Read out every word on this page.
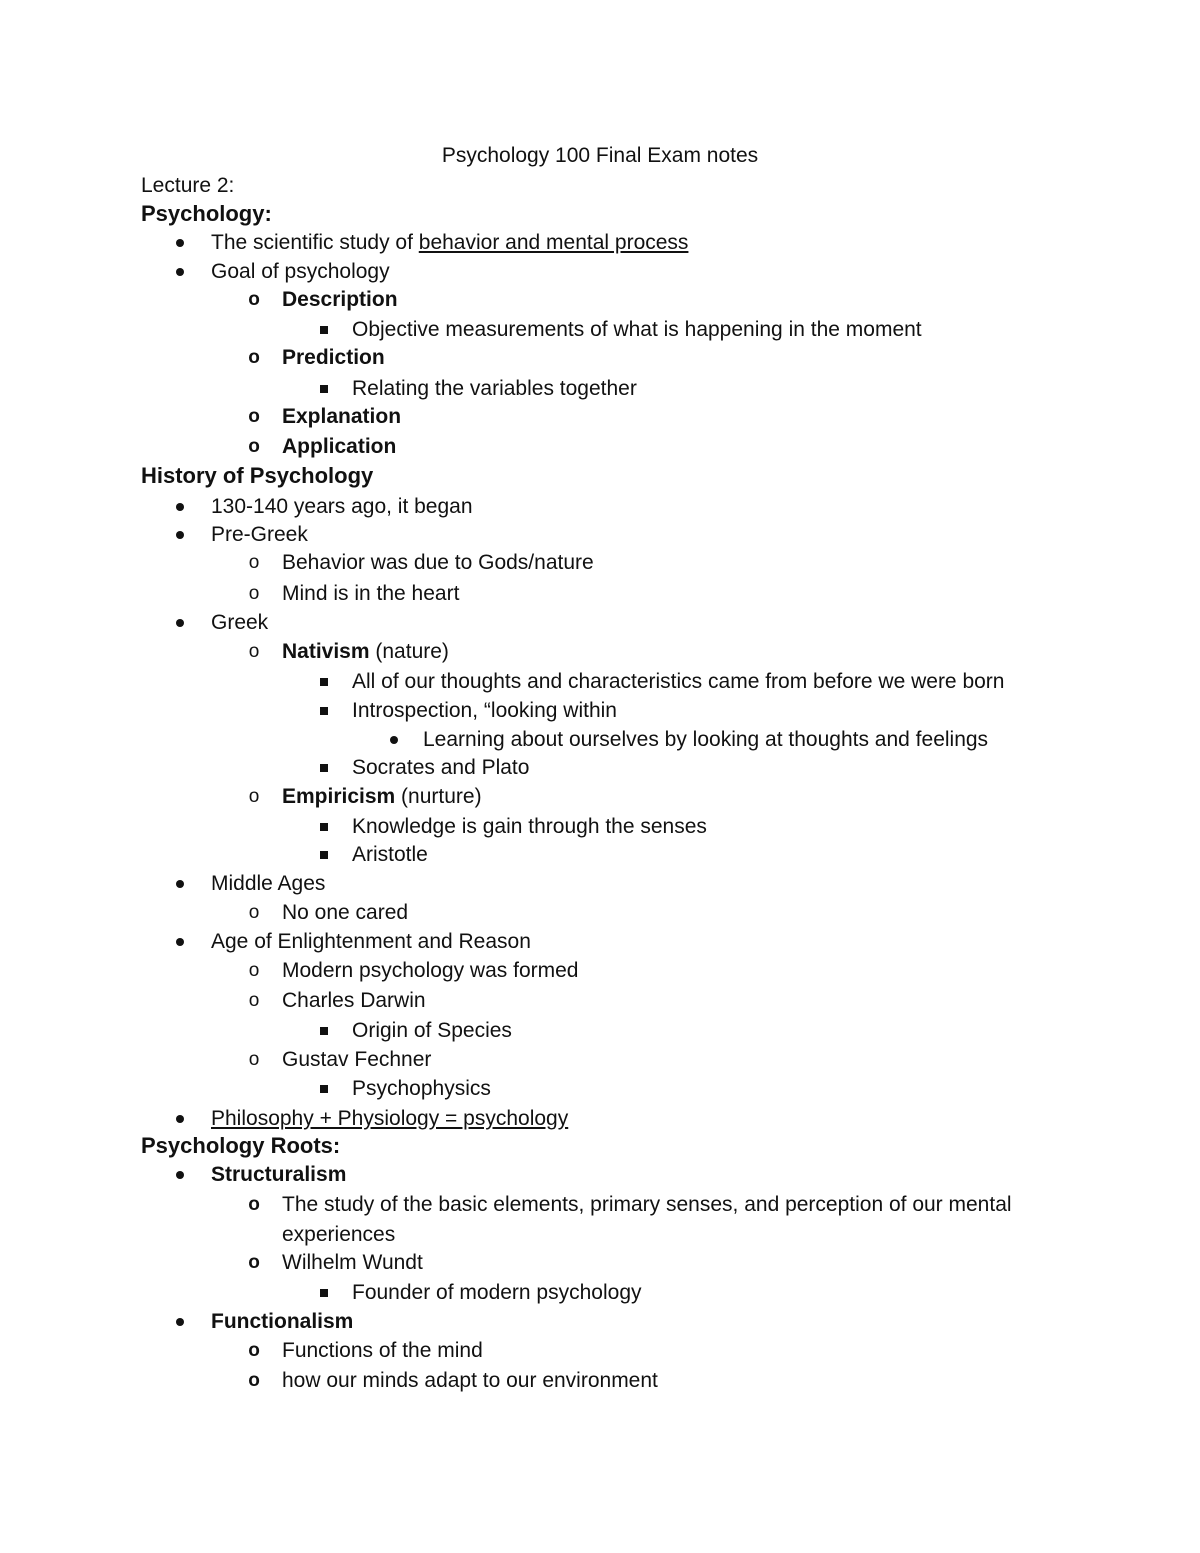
Psychology 100 Final Exam notes
Lecture 2:
Psychology:
The scientific study of behavior and mental process
Goal of psychology
o Description
Objective measurements of what is happening in the moment
o Prediction
Relating the variables together
o Explanation
o Application
History of Psychology
130-140 years ago, it began
Pre-Greek
o Behavior was due to Gods/nature
o Mind is in the heart
Greek
o Nativism (nature)
All of our thoughts and characteristics came from before we were born
Introspection, “looking within
Learning about ourselves by looking at thoughts and feelings
Socrates and Plato
o Empiricism (nurture)
Knowledge is gain through the senses
Aristotle
Middle Ages
o No one cared
Age of Enlightenment and Reason
o Modern psychology was formed
o Charles Darwin
Origin of Species
o Gustav Fechner
Psychophysics
Philosophy + Physiology = psychology
Psychology Roots:
Structuralism
o The study of the basic elements, primary senses, and perception of our mental experiences
o Wilhelm Wundt
Founder of modern psychology
Functionalism
o Functions of the mind
o how our minds adapt to our environment
